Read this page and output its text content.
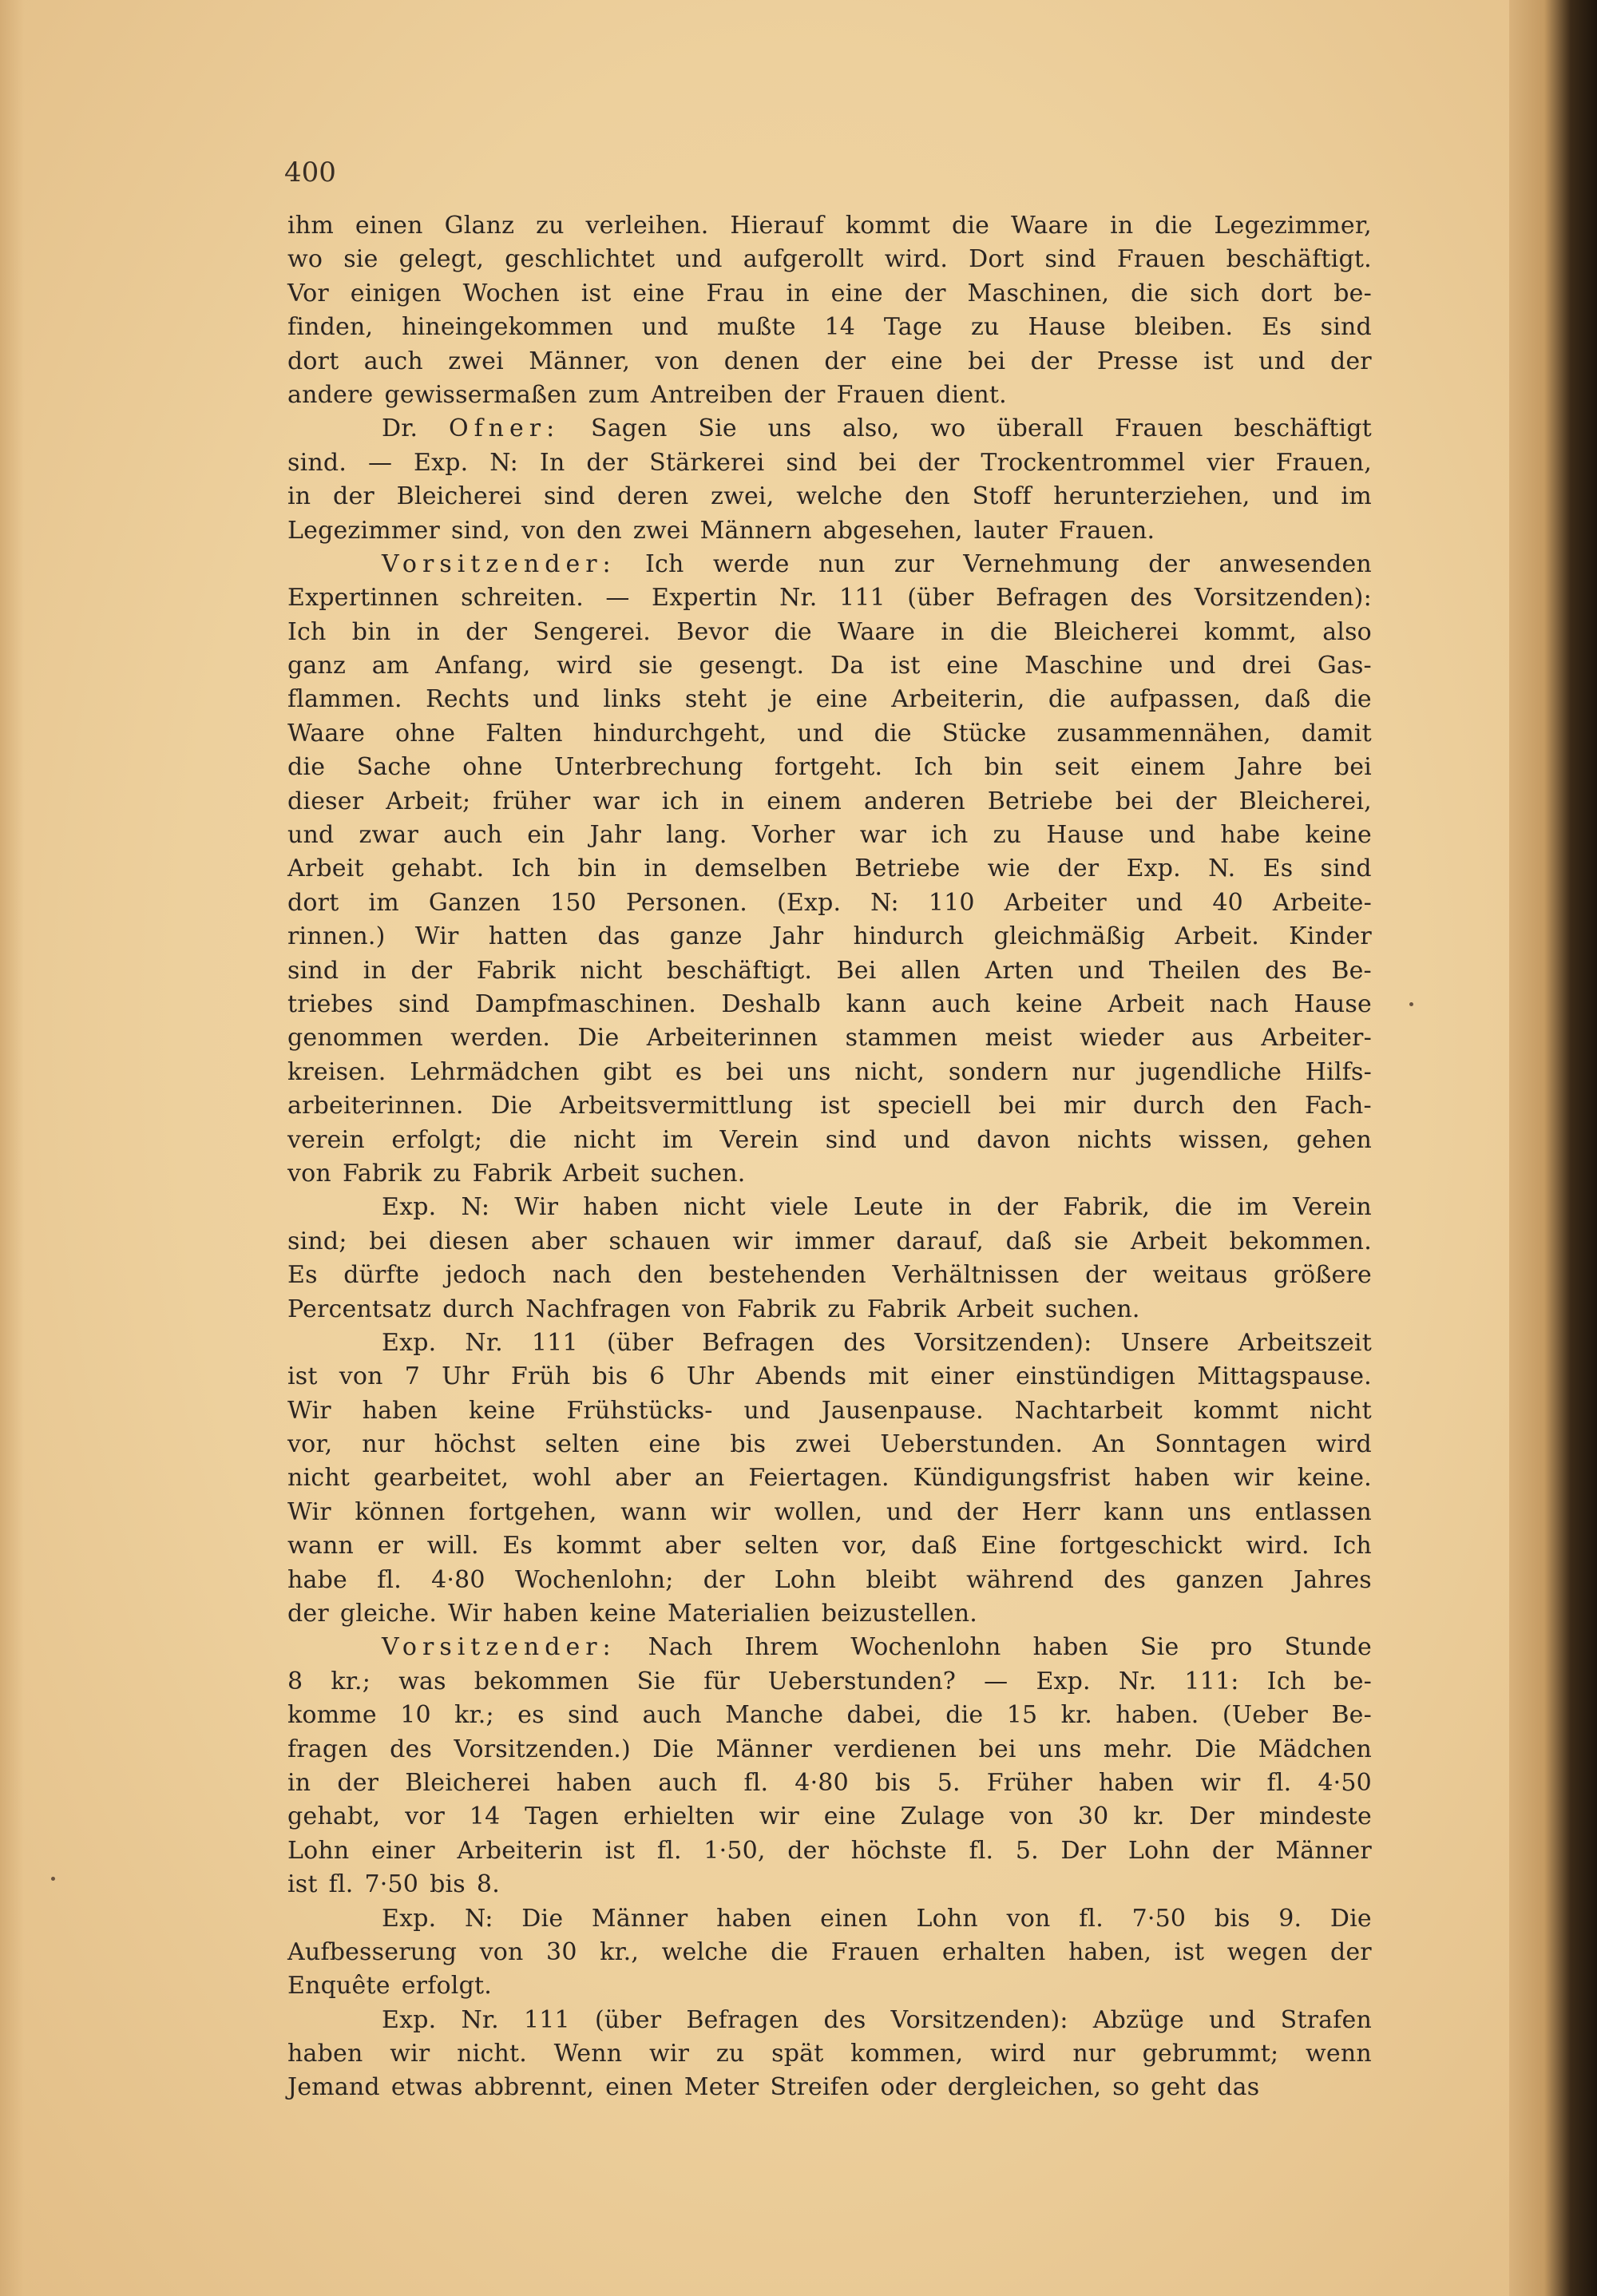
400
ihm einen Glanz zu verleihen. Hierauf kommt die Waare in die Legezimmer,
wo sie gelegt, geschlichtet und aufgerollt wird. Dort sind Frauen beschäftigt.
Vor einigen Wochen ist eine Frau in eine der Maschinen, die sich dort be-
finden, hineingekommen und mußte 14 Tage zu Hause bleiben. Es sind
dort auch zwei Männer, von denen der eine bei der Presse ist und der
andere gewissermaßen zum Antreiben der Frauen dient.
Dr. Ofner: Sagen Sie uns also, wo überall Frauen beschäftigt
sind. — Exp. N: In der Stärkerei sind bei der Trockentrommel vier Frauen,
in der Bleicherei sind deren zwei, welche den Stoff herunterziehen, und im
Legezimmer sind, von den zwei Männern abgesehen, lauter Frauen.
Vorsitzender: Ich werde nun zur Vernehmung der anwesenden
Expertinnen schreiten. — Expertin Nr. 111 (über Befragen des Vorsitzenden):
Ich bin in der Sengerei. Bevor die Waare in die Bleicherei kommt, also
ganz am Anfang, wird sie gesengt. Da ist eine Maschine und drei Gas-
flammen. Rechts und links steht je eine Arbeiterin, die aufpassen, daß die
Waare ohne Falten hindurchgeht, und die Stücke zusammennähen, damit
die Sache ohne Unterbrechung fortgeht. Ich bin seit einem Jahre bei
dieser Arbeit; früher war ich in einem anderen Betriebe bei der Bleicherei,
und zwar auch ein Jahr lang. Vorher war ich zu Hause und habe keine
Arbeit gehabt. Ich bin in demselben Betriebe wie der Exp. N. Es sind
dort im Ganzen 150 Personen. (Exp. N: 110 Arbeiter und 40 Arbeite-
rinnen.) Wir hatten das ganze Jahr hindurch gleichmäßig Arbeit. Kinder
sind in der Fabrik nicht beschäftigt. Bei allen Arten und Theilen des Be-
triebes sind Dampfmaschinen. Deshalb kann auch keine Arbeit nach Hause
genommen werden. Die Arbeiterinnen stammen meist wieder aus Arbeiter-
kreisen. Lehrmädchen gibt es bei uns nicht, sondern nur jugendliche Hilfs-
arbeiterinnen. Die Arbeitsvermittlung ist speciell bei mir durch den Fach-
verein erfolgt; die nicht im Verein sind und davon nichts wissen, gehen
von Fabrik zu Fabrik Arbeit suchen.
Exp. N: Wir haben nicht viele Leute in der Fabrik, die im Verein
sind; bei diesen aber schauen wir immer darauf, daß sie Arbeit bekommen.
Es dürfte jedoch nach den bestehenden Verhältnissen der weitaus größere
Percentsatz durch Nachfragen von Fabrik zu Fabrik Arbeit suchen.
Exp. Nr. 111 (über Befragen des Vorsitzenden): Unsere Arbeitszeit
ist von 7 Uhr Früh bis 6 Uhr Abends mit einer einstündigen Mittagspause.
Wir haben keine Frühstücks- und Jausenpause. Nachtarbeit kommt nicht
vor, nur höchst selten eine bis zwei Ueberstunden. An Sonntagen wird
nicht gearbeitet, wohl aber an Feiertagen. Kündigungsfrist haben wir keine.
Wir können fortgehen, wann wir wollen, und der Herr kann uns entlassen
wann er will. Es kommt aber selten vor, daß Eine fortgeschickt wird. Ich
habe fl. 4·80 Wochenlohn; der Lohn bleibt während des ganzen Jahres
der gleiche. Wir haben keine Materialien beizustellen.
Vorsitzender: Nach Ihrem Wochenlohn haben Sie pro Stunde
8 kr.; was bekommen Sie für Ueberstunden? — Exp. Nr. 111: Ich be-
komme 10 kr.; es sind auch Manche dabei, die 15 kr. haben. (Ueber Be-
fragen des Vorsitzenden.) Die Männer verdienen bei uns mehr. Die Mädchen
in der Bleicherei haben auch fl. 4·80 bis 5. Früher haben wir fl. 4·50
gehabt, vor 14 Tagen erhielten wir eine Zulage von 30 kr. Der mindeste
Lohn einer Arbeiterin ist fl. 1·50, der höchste fl. 5. Der Lohn der Männer
ist fl. 7·50 bis 8.
Exp. N: Die Männer haben einen Lohn von fl. 7·50 bis 9. Die
Aufbesserung von 30 kr., welche die Frauen erhalten haben, ist wegen der
Enquête erfolgt.
Exp. Nr. 111 (über Befragen des Vorsitzenden): Abzüge und Strafen
haben wir nicht. Wenn wir zu spät kommen, wird nur gebrummt; wenn
Jemand etwas abbrennt, einen Meter Streifen oder dergleichen, so geht das
